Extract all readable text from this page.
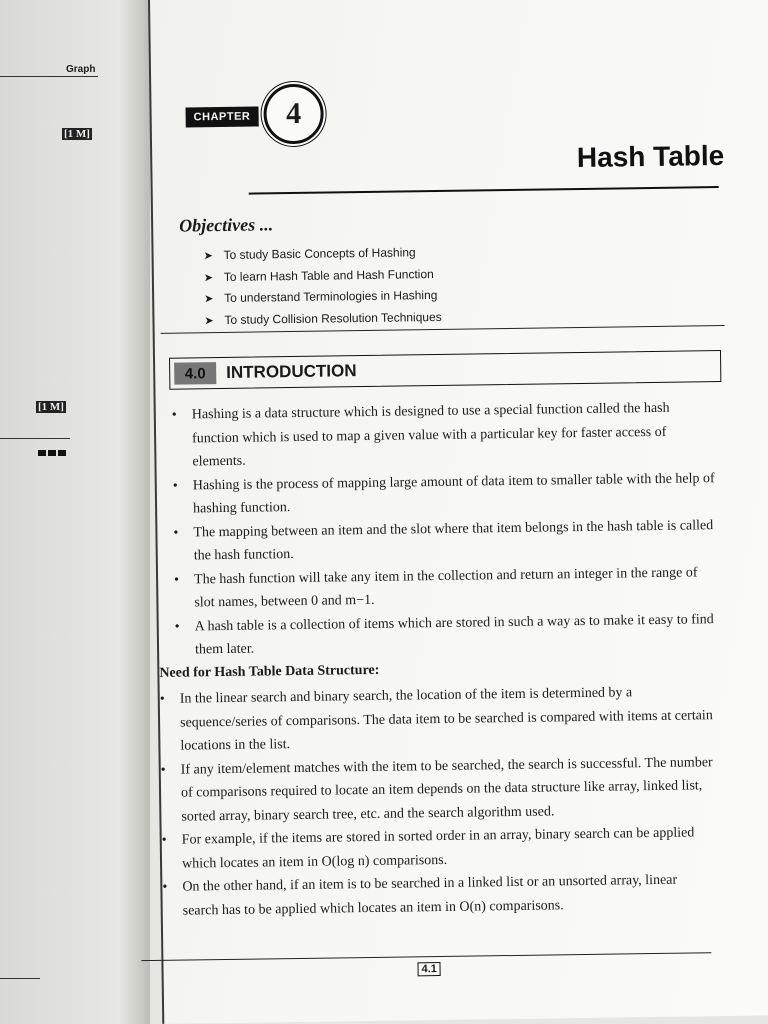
Graph
[1 M]
[1 M]
CHAPTER	4
Hash Table
Objectives ...
➤ To study Basic Concepts of Hashing
➤ To learn Hash Table and Hash Function
➤ To understand Terminologies in Hashing
➤ To study Collision Resolution Techniques
4.0	INTRODUCTION
• Hashing is a data structure which is designed to use a special function called the hash function which is used to map a given value with a particular key for faster access of elements.
• Hashing is the process of mapping large amount of data item to smaller table with the help of hashing function.
• The mapping between an item and the slot where that item belongs in the hash table is called the hash function.
• The hash function will take any item in the collection and return an integer in the range of slot names, between 0 and m−1.
• A hash table is a collection of items which are stored in such a way as to make it easy to find them later.
Need for Hash Table Data Structure:
• In the linear search and binary search, the location of the item is determined by a sequence/series of comparisons. The data item to be searched is compared with items at certain locations in the list.
• If any item/element matches with the item to be searched, the search is successful. The number of comparisons required to locate an item depends on the data structure like array, linked list, sorted array, binary search tree, etc. and the search algorithm used.
• For example, if the items are stored in sorted order in an array, binary search can be applied which locates an item in O(log n) comparisons.
• On the other hand, if an item is to be searched in a linked list or an unsorted array, linear search has to be applied which locates an item in O(n) comparisons.
4.1
